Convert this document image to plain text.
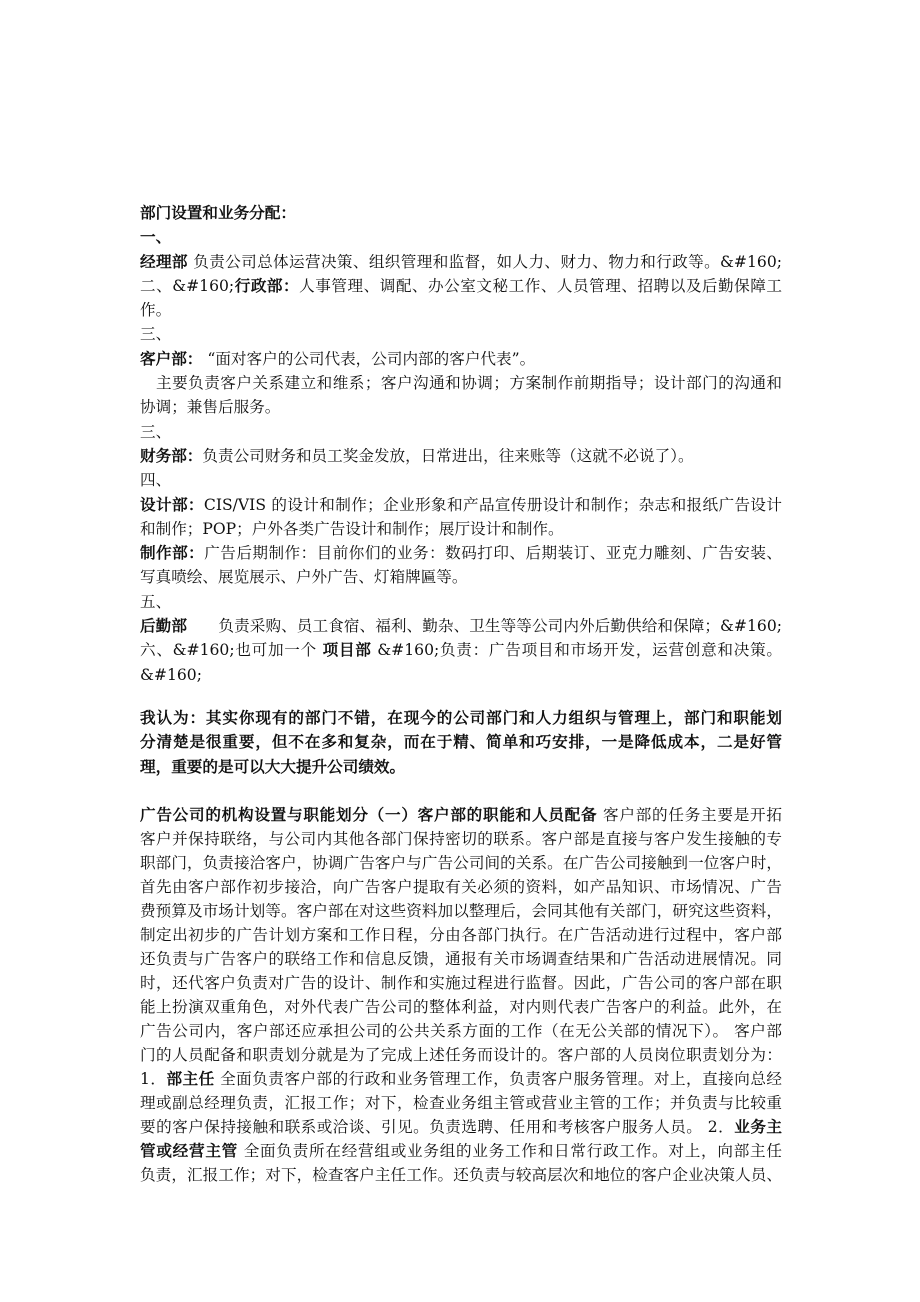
部门设置和业务分配：
一、
经理部 负责公司总体运营决策、组织管理和监督，如人力、财力、物力和行政等。&#160;
二、&#160;行政部：人事管理、调配、办公室文秘工作、人员管理、招聘以及后勤保障工
作。
三、
客户部： “面对客户的公司代表，公司内部的客户代表”。
　主要负责客户关系建立和维系；客户沟通和协调；方案制作前期指导；设计部门的沟通和
协调；兼售后服务。
三、
财务部：负责公司财务和员工奖金发放，日常进出，往来账等（这就不必说了）。
四、
设计部：CIS/VIS 的设计和制作；企业形象和产品宣传册设计和制作；杂志和报纸广告设计
和制作；POP；户外各类广告设计和制作；展厅设计和制作。
制作部：广告后期制作：目前你们的业务：数码打印、后期装订、亚克力雕刻、广告安装、
写真喷绘、展览展示、户外广告、灯箱牌匾等。
五、
后勤部　　负责采购、员工食宿、福利、勤杂、卫生等等公司内外后勤供给和保障；&#160;
六、&#160;也可加一个 项目部 &#160;负责：广告项目和市场开发，运营创意和决策。&#160;
我认为：其实你现有的部门不错，在现今的公司部门和人力组织与管理上，部门和职能划
分清楚是很重要，但不在多和复杂，而在于精、简单和巧安排，一是降低成本，二是好管
理，重要的是可以大大提升公司绩效。
广告公司的机构设置与职能划分（一）客户部的职能和人员配备 客户部的任务主要是开拓
客户并保持联络，与公司内其他各部门保持密切的联系。客户部是直接与客户发生接触的专
职部门，负责接洽客户，协调广告客户与广告公司间的关系。在广告公司接触到一位客户时，
首先由客户部作初步接洽，向广告客户提取有关必须的资料，如产品知识、市场情况、广告
费预算及市场计划等。客户部在对这些资料加以整理后，会同其他有关部门，研究这些资料，
制定出初步的广告计划方案和工作日程，分由各部门执行。在广告活动进行过程中，客户部
还负责与广告客户的联络工作和信息反馈，通报有关市场调查结果和广告活动进展情况。同
时，还代客户负责对广告的设计、制作和实施过程进行监督。因此，广告公司的客户部在职
能上扮演双重角色，对外代表广告公司的整体利益，对内则代表广告客户的利益。此外，在
广告公司内，客户部还应承担公司的公共关系方面的工作（在无公关部的情况下）。 客户部
门的人员配备和职责划分就是为了完成上述任务而设计的。客户部的人员岗位职责划分为：
1．部主任 全面负责客户部的行政和业务管理工作，负责客户服务管理。对上，直接向总经
理或副总经理负责，汇报工作；对下，检查业务组主管或营业主管的工作；并负责与比较重
要的客户保持接触和联系或洽谈、引见。负责选聘、任用和考核客户服务人员。 2．业务主
管或经营主管 全面负责所在经营组或业务组的业务工作和日常行政工作。对上，向部主任
负责，汇报工作；对下，检查客户主任工作。还负责与较高层次和地位的客户企业决策人员、
